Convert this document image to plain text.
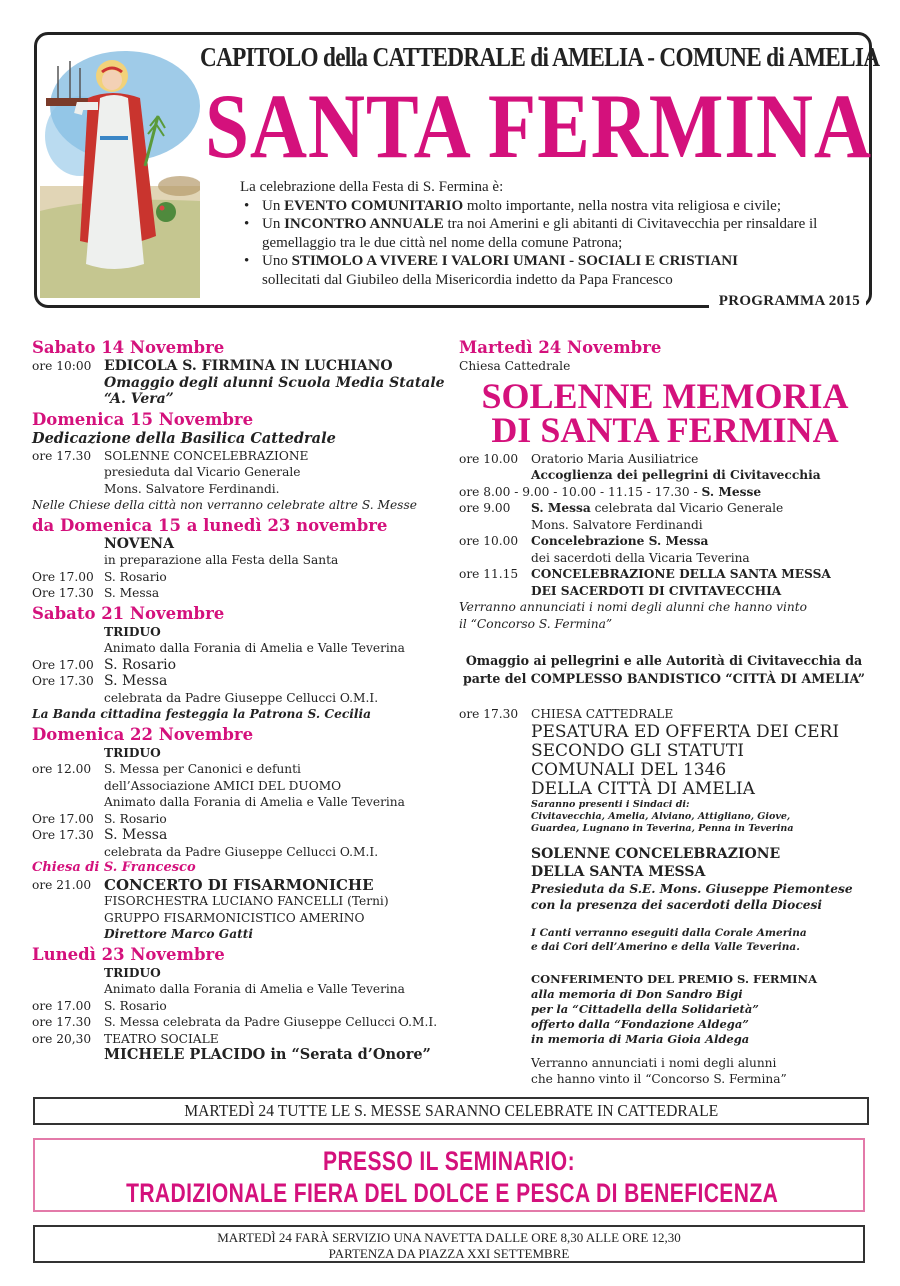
CAPITOLO della CATTEDRALE di AMELIA - COMUNE di AMELIA
SANTA FERMINA
La celebrazione della Festa di S. Fermina è:
• Un EVENTO COMUNITARIO molto importante, nella nostra vita religiosa e civile;
• Un INCONTRO ANNUALE tra noi Amerini e gli abitanti di Civitavecchia per rinsaldare il gemellaggio tra le due città nel nome della comune Patrona;
• Uno STIMOLO A VIVERE I VALORI UMANI - SOCIALI E CRISTIANI
sollecitati dal Giubileo della Misericordia indetto da Papa Francesco
PROGRAMMA 2015
Sabato 14 Novembre
ore 10:00 EDICOLA S. FIRMINA IN LUCHIANO
Omaggio degli alunni Scuola Media Statale
“A. Vera”
Domenica 15 Novembre
Dedicazione della Basilica Cattedrale
ore 17.30	SOLENNE CONCELEBRAZIONE
presieduta dal Vicario Generale
Mons. Salvatore Ferdinandi.
Nelle Chiese della città non verranno celebrate altre S. Messe
da Domenica 15 a lunedì 23 novembre
NOVENA
in preparazione alla Festa della Santa
Ore 17.00 S. Rosario
Ore 17.30 S. Messa
Sabato 21 Novembre
TRIDUO
Animato dalla Forania di Amelia e Valle Teverina
Ore 17.00 S. Rosario
Ore 17.30 S. Messa
celebrata da Padre Giuseppe Cellucci O.M.I.
La Banda cittadina festeggia la Patrona S. Cecilia
Domenica 22 Novembre
TRIDUO
ore 12.00	S. Messa per Canonici e defunti
dell’Associazione AMICI DEL DUOMO
Animato dalla Forania di Amelia e Valle Teverina
Ore 17.00 S. Rosario
Ore 17.30 S. Messa
celebrata da Padre Giuseppe Cellucci O.M.I.
Chiesa di S. Francesco
ore 21.00 CONCERTO DI FISARMONICHE
FISORCHESTRA LUCIANO FANCELLI (Terni)
GRUPPO FISARMONICISTICO AMERINO
Direttore Marco Gatti
Lunedì 23 Novembre
TRIDUO
Animato dalla Forania di Amelia e Valle Teverina
ore 17.00	S. Rosario
ore 17.30	S. Messa celebrata da Padre Giuseppe Cellucci O.M.I.
ore 20,30	TEATRO SOCIALE
MICHELE PLACIDO in “Serata d’Onore”
Martedì 24 Novembre
Chiesa Cattedrale
SOLENNE MEMORIA
DI SANTA FERMINA
ore 10.00	Oratorio Maria Ausiliatrice
Accoglienza dei pellegrini di Civitavecchia
ore 8.00 - 9.00 - 10.00 - 11.15 - 17.30 - S. Messe
ore 9.00	S. Messa celebrata dal Vicario Generale
Mons. Salvatore Ferdinandi
ore 10.00	Concelebrazione S. Messa
dei sacerdoti della Vicaria Teverina
ore 11.15	CONCELEBRAZIONE DELLA SANTA MESSA
DEI SACERDOTI DI CIVITAVECCHIA
Verranno annunciati i nomi degli alunni che hanno vinto
il “Concorso S. Fermina”
Omaggio ai pellegrini e alle Autorità di Civitavecchia da
parte del COMPLESSO BANDISTICO “CITTÀ DI AMELIA”
ore 17.30	CHIESA CATTEDRALE
PESATURA ED OFFERTA DEI CERI
SECONDO GLI STATUTI
COMUNALI DEL 1346
DELLA CITTÀ DI AMELIA
Saranno presenti i Sindaci di:
Civitavecchia, Amelia, Alviano, Attigliano, Giove,
Guardea, Lugnano in Teverina, Penna in Teverina
SOLENNE CONCELEBRAZIONE
DELLA SANTA MESSA
Presieduta da S.E. Mons. Giuseppe Piemontese
con la presenza dei sacerdoti della Diocesi
I Canti verranno eseguiti dalla Corale Amerina
e dai Cori dell’Amerino e della Valle Teverina.
CONFERIMENTO DEL PREMIO S. FERMINA
alla memoria di Don Sandro Bigi
per la “Cittadella della Solidarietà”
offerto dalla “Fondazione Aldega”
in memoria di Maria Gioia Aldega
Verranno annunciati i nomi degli alunni
che hanno vinto il “Concorso S. Fermina”
MARTEDÌ 24 TUTTE LE S. MESSE SARANNO CELEBRATE IN CATTEDRALE
PRESSO IL SEMINARIO:
TRADIZIONALE FIERA DEL DOLCE E PESCA DI BENEFICENZA
MARTEDÌ 24 FARÀ SERVIZIO UNA NAVETTA DALLE ORE 8,30 ALLE ORE 12,30
PARTENZA DA PIAZZA XXI SETTEMBRE
